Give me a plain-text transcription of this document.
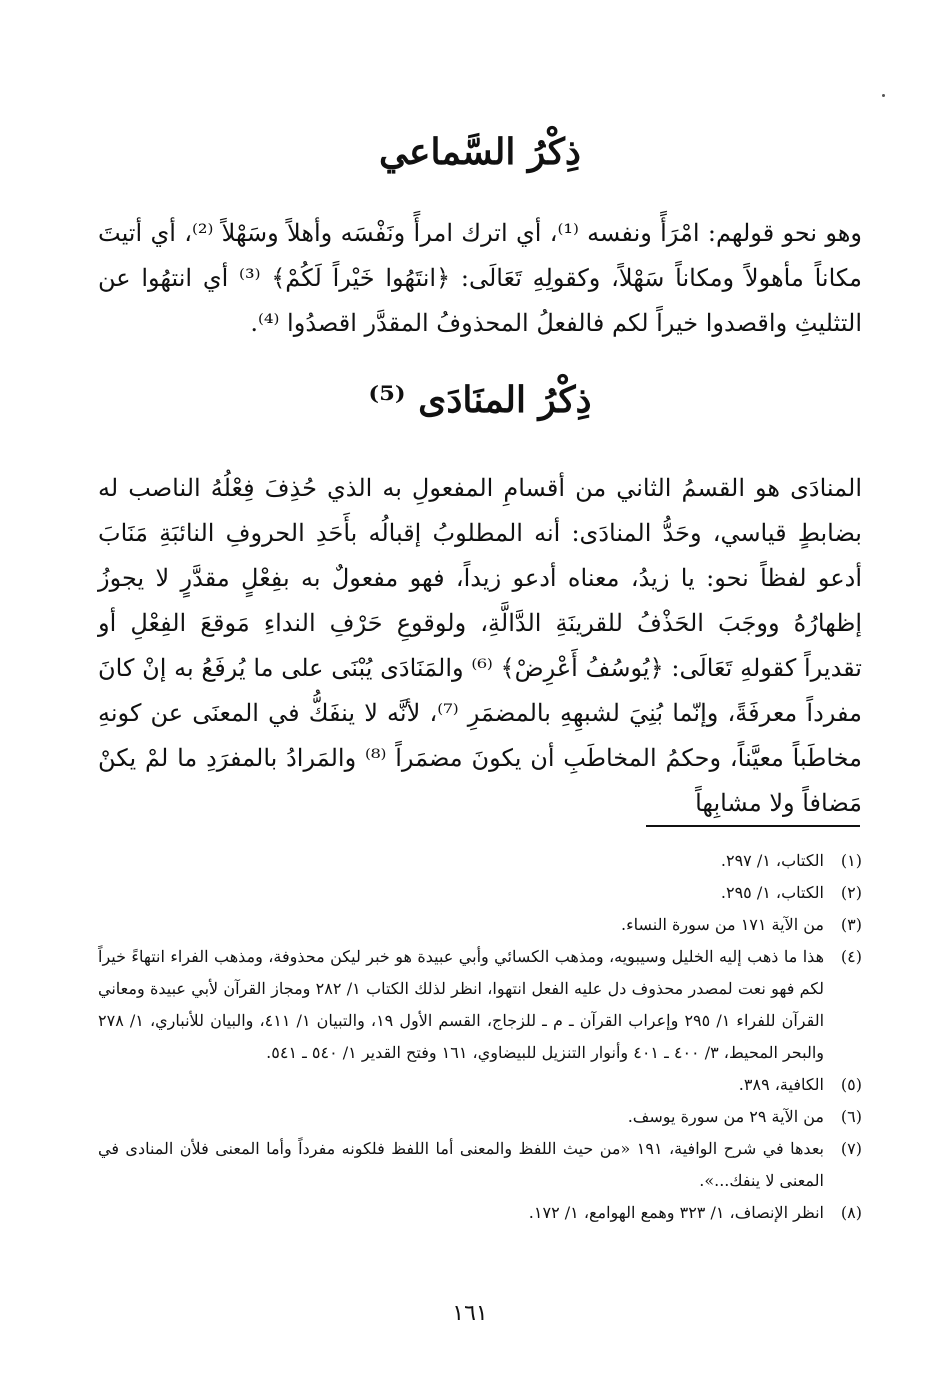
ذِكْرُ السَّماعي

وهو نحو قولهم: امْرَأً ونفسه ⁽¹⁾، أي اترك امرأً ونَفْسَه وأهلاً وسَهْلاً ⁽²⁾، أي أتيتَ مكاناً مأهولاً ومكاناً سَهْلاً، وكقولِهِ تَعَالَى: ﴿انتَهُوا خَيْراً لَكُمْ﴾ ⁽³⁾ أي انتهُوا عن التثليثِ واقصدوا خيراً لكم فالفعلُ المحذوفُ المقدَّر اقصدُوا ⁽⁴⁾.

ذِكْرُ المنَادَى ⁽⁵⁾

المنادَى هو القسمُ الثاني من أقسامِ المفعولِ به الذي حُذِفَ فِعْلُهُ الناصب له بضابطٍ قياسي، وحَدُّ المنادَى: أنه المطلوبُ إقبالُه بأَحَدِ الحروفِ النائبَةِ مَنَابَ أدعو لفظاً نحو: يا زيدُ، معناه أدعو زيداً، فهو مفعولٌ به بفِعْلٍ مقدَّرٍ لا يجوزُ إظهارُهُ ووجَبَ الحَذْفُ للقرينَةِ الدَّالَّةِ، ولوقوعِ حَرْفِ النداءِ مَوقعَ الفِعْلِ أو تقديراً كقولهِ تَعَالَى: ﴿يُوسُفُ أَعْرِضْ﴾ ⁽⁶⁾ والمَنَادَى يُبْنَى على ما يُرفَعُ به إنْ كانَ مفرداً معرفَةً، وإنّما بُنِيَ لشبهِهِ بالمضمَرِ ⁽⁷⁾، لأنَّه لا ينفَكُّ في المعنَى عن كونهِ مخاطَباً معيَّناً، وحكمُ المخاطَبِ أن يكونَ مضمَراً ⁽⁸⁾ والمَرادُ بالمفرَدِ ما لمْ يكنْ مَضافاً ولا مشابِهاً

(١)
الكتاب، ١/ ٢٩٧.

(٢)
الكتاب، ١/ ٢٩٥.

(٣)
من الآية ١٧١ من سورة النساء.

(٤)
هذا ما ذهب إليه الخليل وسيبويه، ومذهب الكسائي وأبي عبيدة هو خبر ليكن محذوفة، ومذهب الفراء انتهاءً خيراً لكم فهو نعت لمصدر محذوف دل عليه الفعل انتهوا، انظر لذلك الكتاب ١/ ٢٨٢ ومجاز القرآن لأبي عبيدة ومعاني القرآن للفراء ١/ ٢٩٥ وإعراب القرآن ـ م ـ للزجاج، القسم الأول ١٩، والتبيان ١/ ٤١١، والبيان للأنباري، ١/ ٢٧٨ والبحر المحيط، ٣/ ٤٠٠ ـ ٤٠١ وأنوار التنزيل للبيضاوي، ١٦١ وفتح القدير ١/ ٥٤٠ ـ ٥٤١.

(٥)
الكافية، ٣٨٩.

(٦)
من الآية ٢٩ من سورة يوسف.

(٧)
بعدها في شرح الوافية، ١٩١ «من حيث اللفظ والمعنى أما اللفظ فلكونه مفرداً وأما المعنى فلأن المنادى في المعنى لا ينفك...».

(٨)
انظر الإنصاف، ١/ ٣٢٣ وهمع الهوامع، ١/ ١٧٢.

١٦١
